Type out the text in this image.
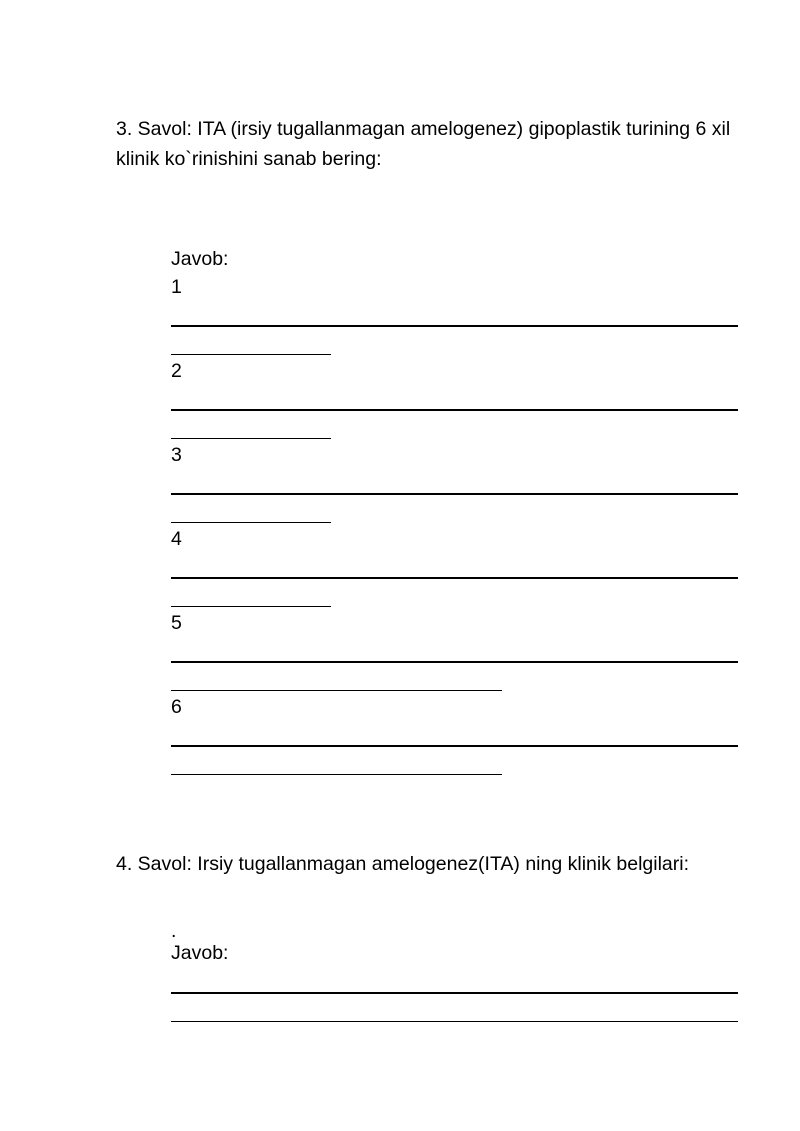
3. Savol: ITA (irsiy tugallanmagan amelogenez) gipoplastik turining 6 xil klinik ko`rinishini sanab bering:

Javob:
1
2
3
4
5
6

4. Savol: Irsiy tugallanmagan amelogenez(ITA) ning klinik belgilari:

.
Javob:
